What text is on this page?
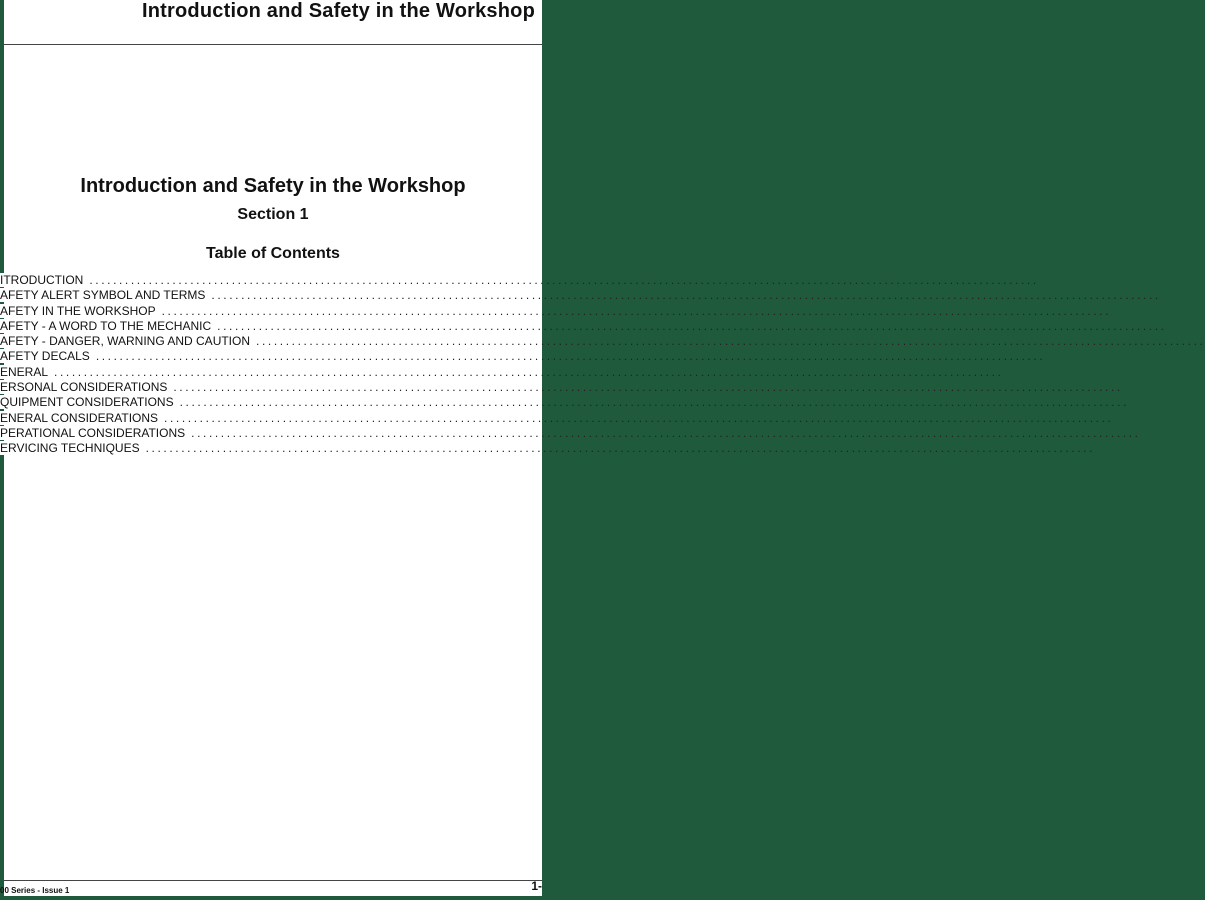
Introduction and Safety in the Workshop
Introduction and Safety in the Workshop
Section 1
Table of Contents
ITRODUCTION ................................................................................................................................................................
AFETY ALERT SYMBOL AND TERMS ................................................................................................................................................................
AFETY IN THE WORKSHOP ................................................................................................................................................................
AFETY - A WORD TO THE MECHANIC ................................................................................................................................................................
AFETY - DANGER, WARNING AND CAUTION ................................................................................................................................................................
AFETY DECALS ................................................................................................................................................................
ENERAL ................................................................................................................................................................
ERSONAL CONSIDERATIONS ................................................................................................................................................................
QUIPMENT CONSIDERATIONS ................................................................................................................................................................
ENERAL CONSIDERATIONS ................................................................................................................................................................
PERATIONAL CONSIDERATIONS ................................................................................................................................................................
ERVICING TECHNIQUES ................................................................................................................................................................
00 Series - Issue 1	1-
